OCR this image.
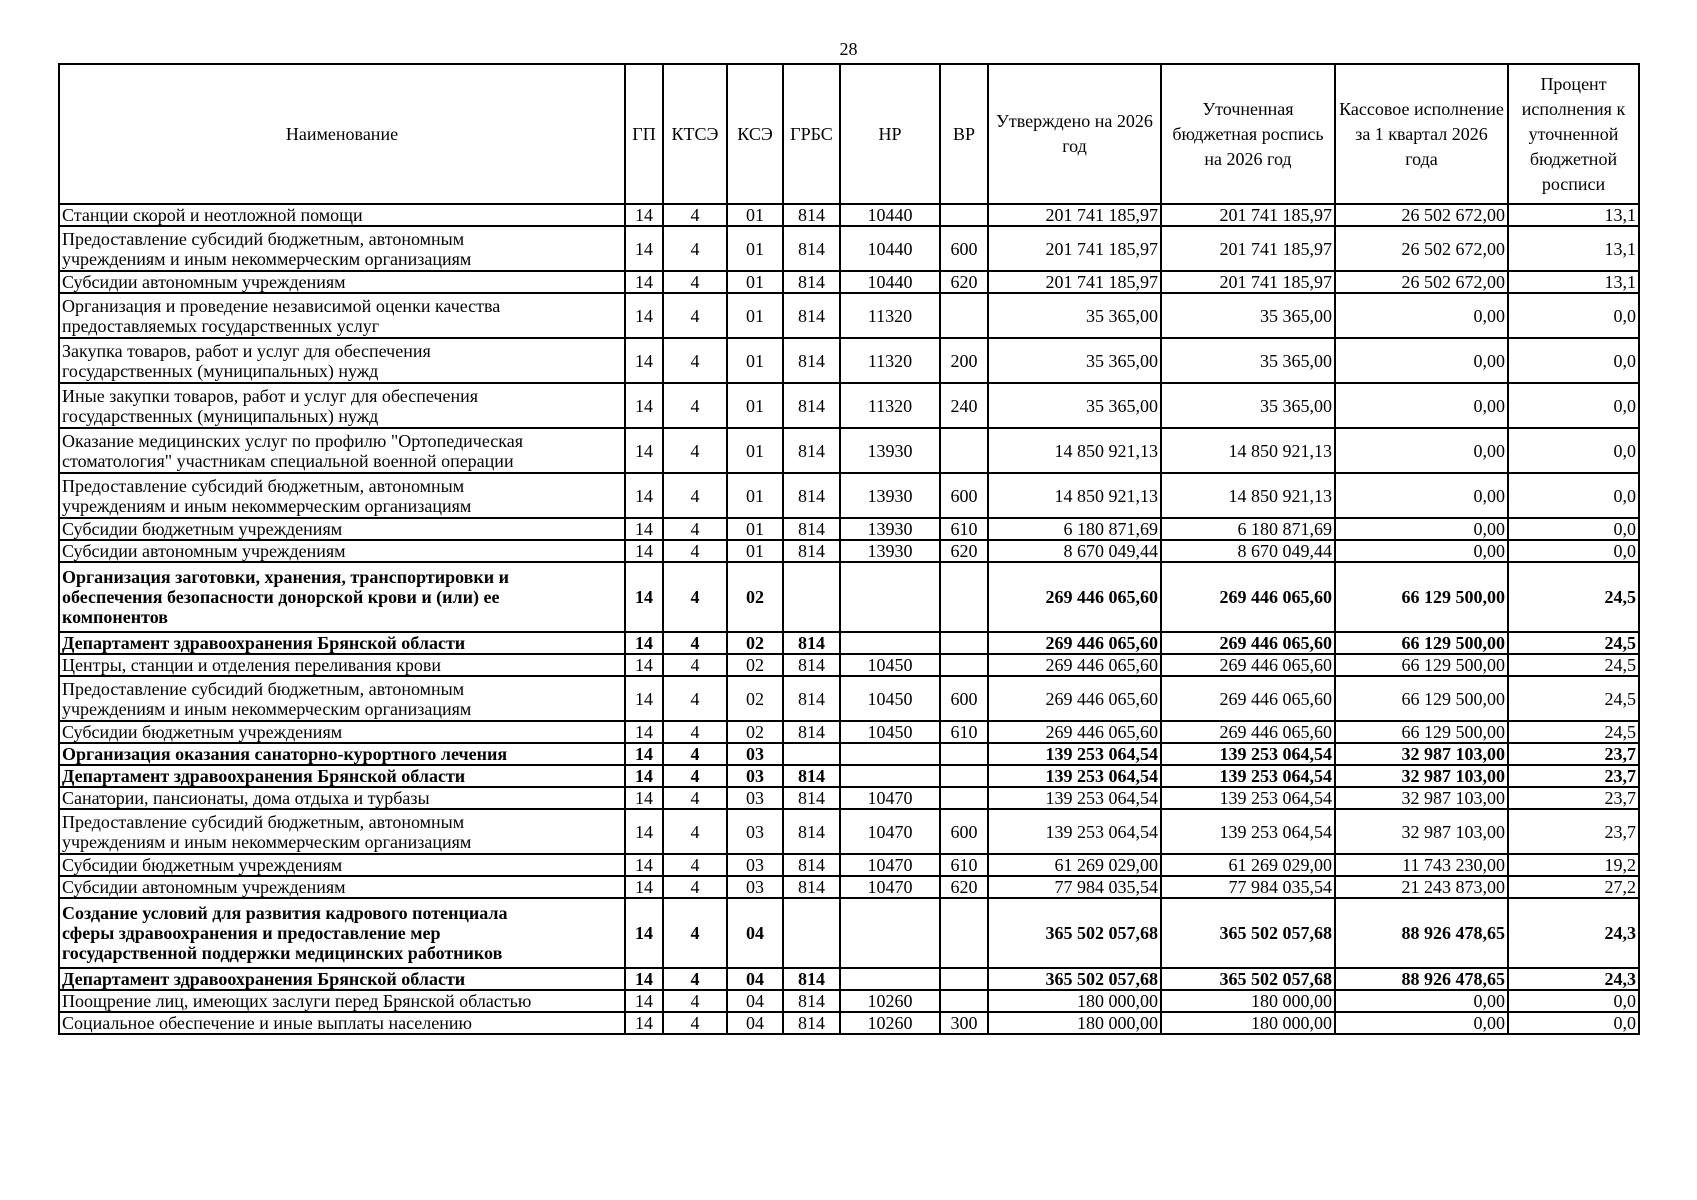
28
Наименование	ГП	КТСЭ	КСЭ	ГРБС	НР	ВР	Утверждено на 2026 год	Уточненная бюджетная роспись на 2026 год	Кассовое исполнение за 1 квартал 2026 года	Процент исполнения к уточненной бюджетной росписи
Станции скорой и неотложной помощи	14	4	01	814	10440		201 741 185,97	201 741 185,97	26 502 672,00	13,1
Предоставление субсидий бюджетным, автономным
учреждениям и иным некоммерческим организациям	14	4	01	814	10440	600	201 741 185,97	201 741 185,97	26 502 672,00	13,1
Субсидии автономным учреждениям	14	4	01	814	10440	620	201 741 185,97	201 741 185,97	26 502 672,00	13,1
Организация и проведение независимой оценки качества
предоставляемых государственных услуг	14	4	01	814	11320		35 365,00	35 365,00	0,00	0,0
Закупка товаров, работ и услуг для обеспечения
государственных (муниципальных) нужд	14	4	01	814	11320	200	35 365,00	35 365,00	0,00	0,0
Иные закупки товаров, работ и услуг для обеспечения
государственных (муниципальных) нужд	14	4	01	814	11320	240	35 365,00	35 365,00	0,00	0,0
Оказание медицинских услуг по профилю "Ортопедическая
стоматология" участникам специальной военной операции	14	4	01	814	13930		14 850 921,13	14 850 921,13	0,00	0,0
Предоставление субсидий бюджетным, автономным
учреждениям и иным некоммерческим организациям	14	4	01	814	13930	600	14 850 921,13	14 850 921,13	0,00	0,0
Субсидии бюджетным учреждениям	14	4	01	814	13930	610	6 180 871,69	6 180 871,69	0,00	0,0
Субсидии автономным учреждениям	14	4	01	814	13930	620	8 670 049,44	8 670 049,44	0,00	0,0
Организация заготовки, хранения, транспортировки и
обеспечения безопасности донорской крови и (или) ее
компонентов	14	4	02				269 446 065,60	269 446 065,60	66 129 500,00	24,5
Департамент здравоохранения Брянской области	14	4	02	814			269 446 065,60	269 446 065,60	66 129 500,00	24,5
Центры, станции и отделения переливания крови	14	4	02	814	10450		269 446 065,60	269 446 065,60	66 129 500,00	24,5
Предоставление субсидий бюджетным, автономным
учреждениям и иным некоммерческим организациям	14	4	02	814	10450	600	269 446 065,60	269 446 065,60	66 129 500,00	24,5
Субсидии бюджетным учреждениям	14	4	02	814	10450	610	269 446 065,60	269 446 065,60	66 129 500,00	24,5
Организация оказания санаторно-курортного лечения	14	4	03				139 253 064,54	139 253 064,54	32 987 103,00	23,7
Департамент здравоохранения Брянской области	14	4	03	814			139 253 064,54	139 253 064,54	32 987 103,00	23,7
Санатории, пансионаты, дома отдыха и турбазы	14	4	03	814	10470		139 253 064,54	139 253 064,54	32 987 103,00	23,7
Предоставление субсидий бюджетным, автономным
учреждениям и иным некоммерческим организациям	14	4	03	814	10470	600	139 253 064,54	139 253 064,54	32 987 103,00	23,7
Субсидии бюджетным учреждениям	14	4	03	814	10470	610	61 269 029,00	61 269 029,00	11 743 230,00	19,2
Субсидии автономным учреждениям	14	4	03	814	10470	620	77 984 035,54	77 984 035,54	21 243 873,00	27,2
Создание условий для развития кадрового потенциала
сферы здравоохранения и предоставление мер
государственной поддержки медицинских работников	14	4	04				365 502 057,68	365 502 057,68	88 926 478,65	24,3
Департамент здравоохранения Брянской области	14	4	04	814			365 502 057,68	365 502 057,68	88 926 478,65	24,3
Поощрение лиц, имеющих заслуги перед Брянской областью	14	4	04	814	10260		180 000,00	180 000,00	0,00	0,0
Социальное обеспечение и иные выплаты населению	14	4	04	814	10260	300	180 000,00	180 000,00	0,00	0,0
